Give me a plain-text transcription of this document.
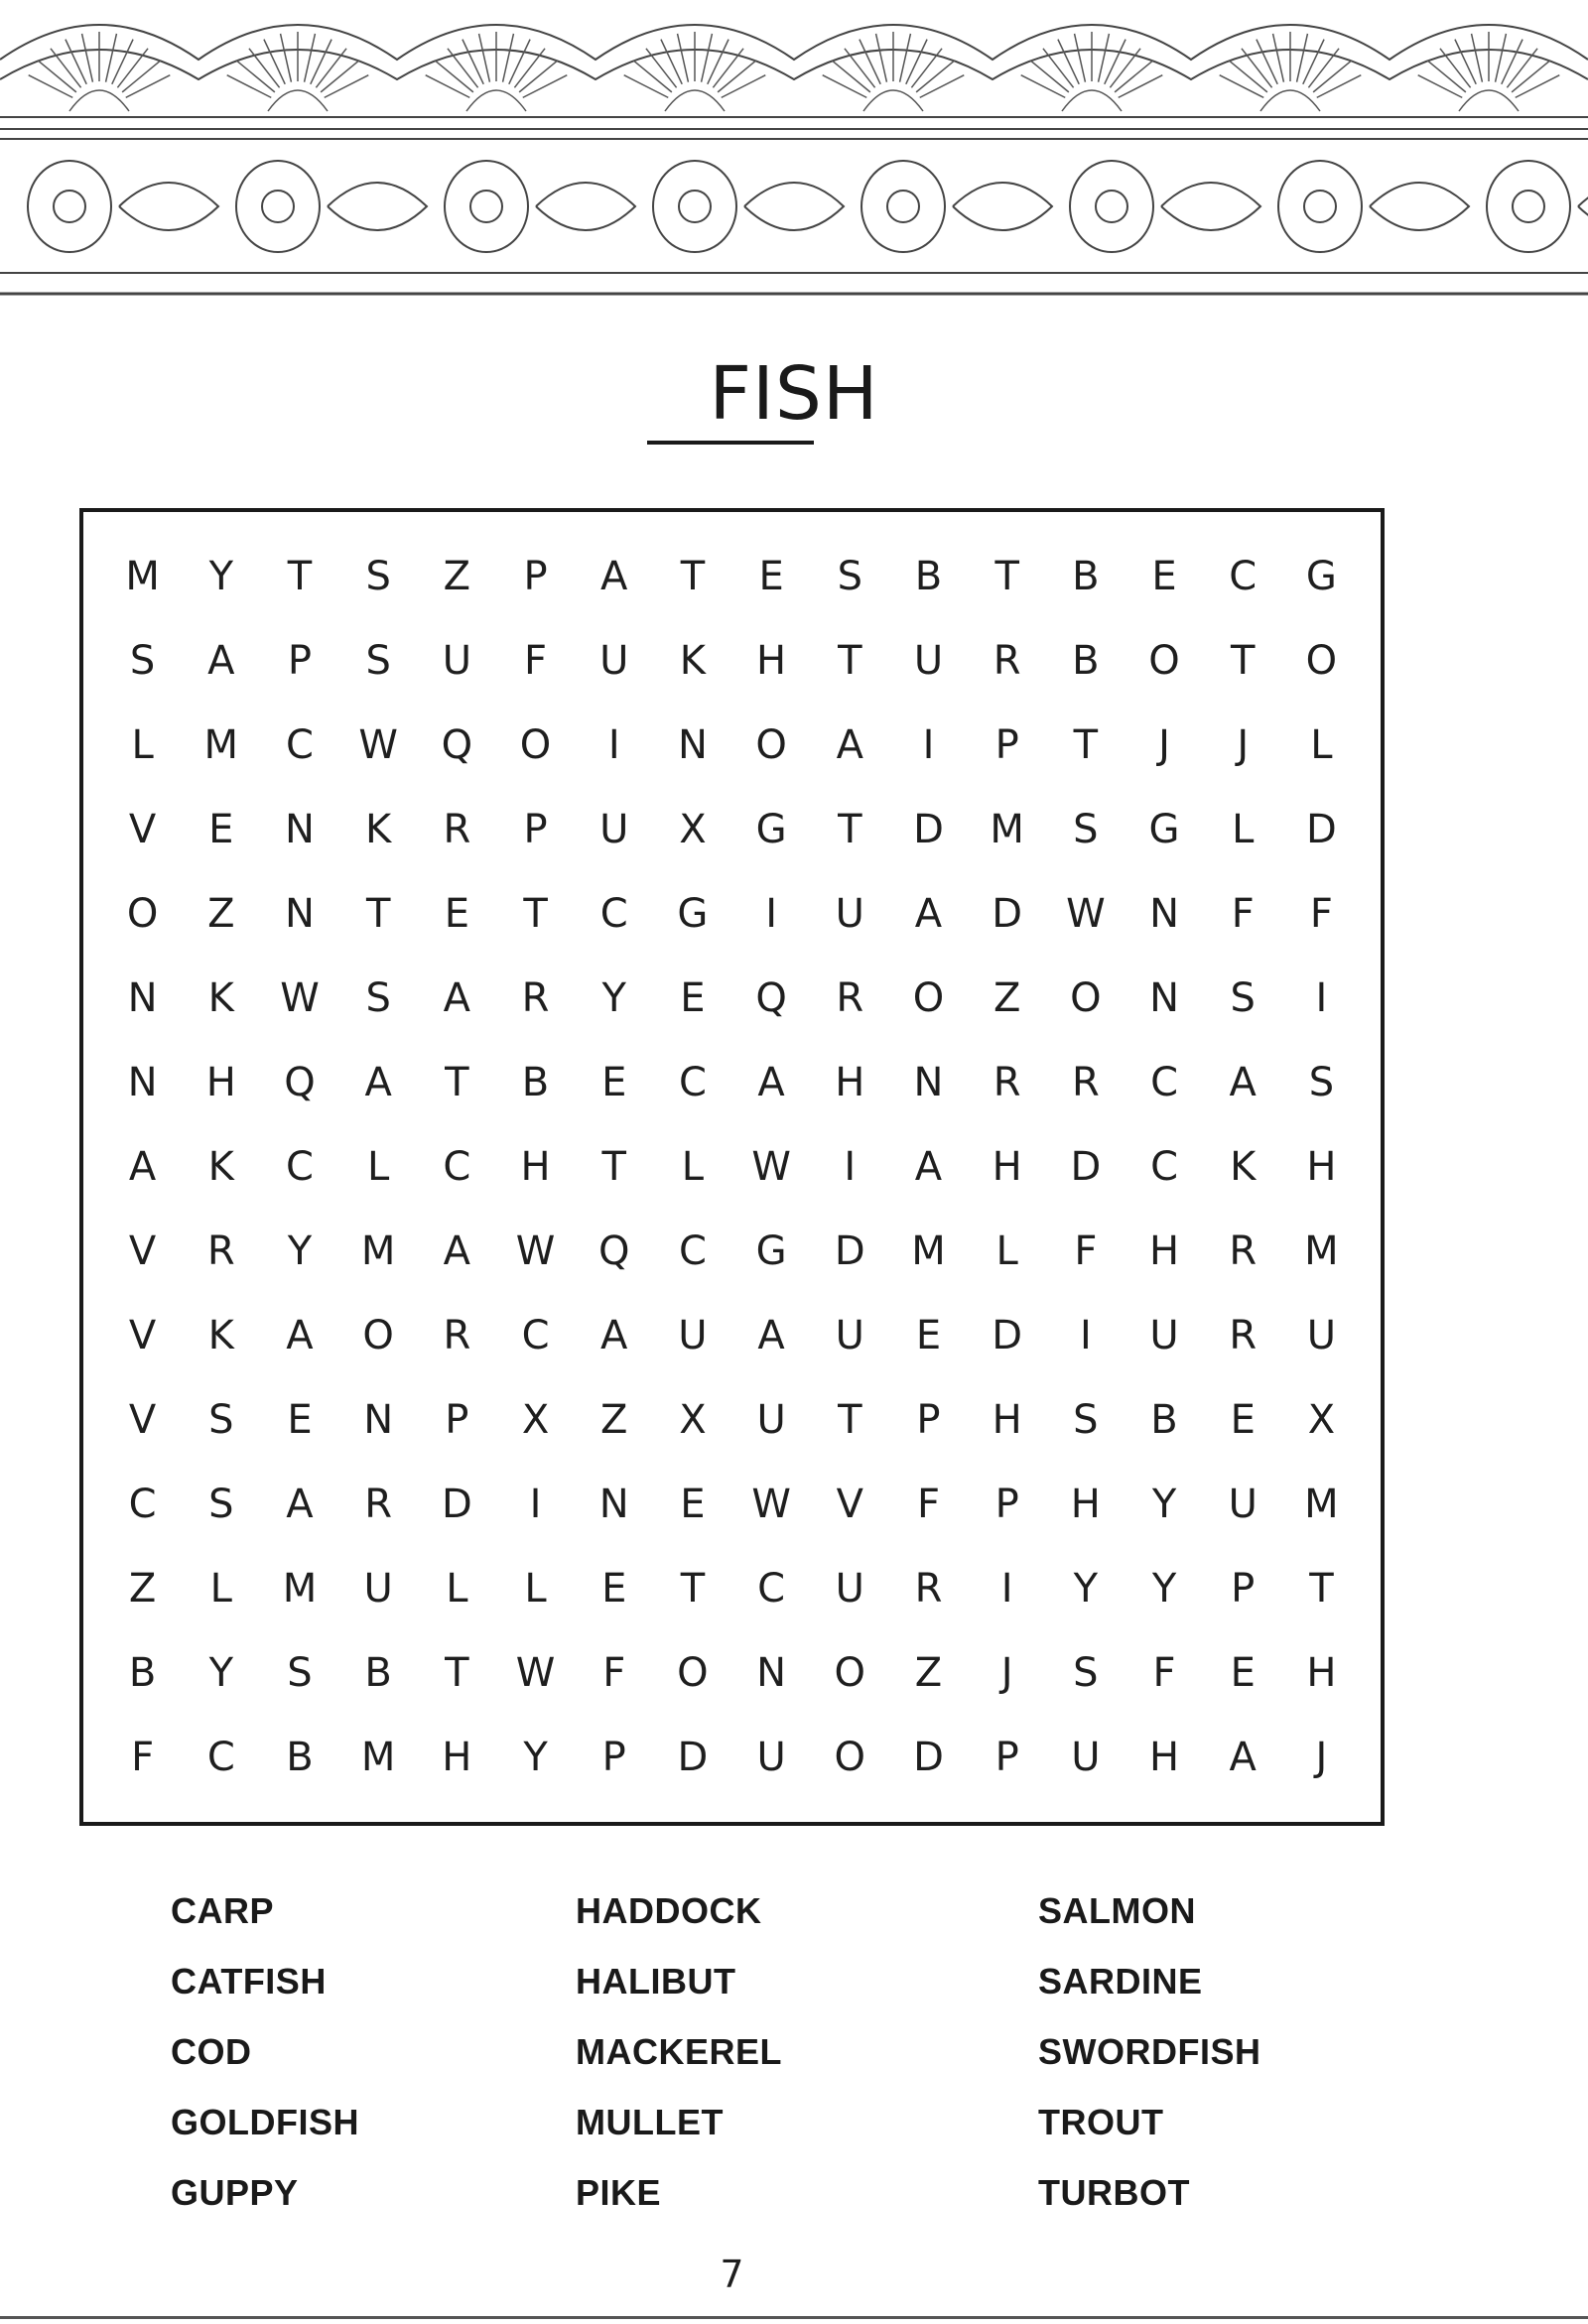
FISH
M	Y	T	S	Z	P	A	T	E	S	B	T	B	E	C	G
S	A	P	S	U	F	U	K	H	T	U	R	B	O	T	O
L	M	C	W	Q	O	I	N	O	A	I	P	T	J	J	L
V	E	N	K	R	P	U	X	G	T	D	M	S	G	L	D
O	Z	N	T	E	T	C	G	I	U	A	D	W	N	F	F
N	K	W	S	A	R	Y	E	Q	R	O	Z	O	N	S	I
N	H	Q	A	T	B	E	C	A	H	N	R	R	C	A	S
A	K	C	L	C	H	T	L	W	I	A	H	D	C	K	H
V	R	Y	M	A	W	Q	C	G	D	M	L	F	H	R	M
V	K	A	O	R	C	A	U	A	U	E	D	I	U	R	U
V	S	E	N	P	X	Z	X	U	T	P	H	S	B	E	X
C	S	A	R	D	I	N	E	W	V	F	P	H	Y	U	M
Z	L	M	U	L	L	E	T	C	U	R	I	Y	Y	P	T
B	Y	S	B	T	W	F	O	N	O	Z	J	S	F	E	H
F	C	B	M	H	Y	P	D	U	O	D	P	U	H	A	J
CARP
CATFISH
COD
GOLDFISH
GUPPY
HADDOCK
HALIBUT
MACKEREL
MULLET
PIKE
SALMON
SARDINE
SWORDFISH
TROUT
TURBOT
7
